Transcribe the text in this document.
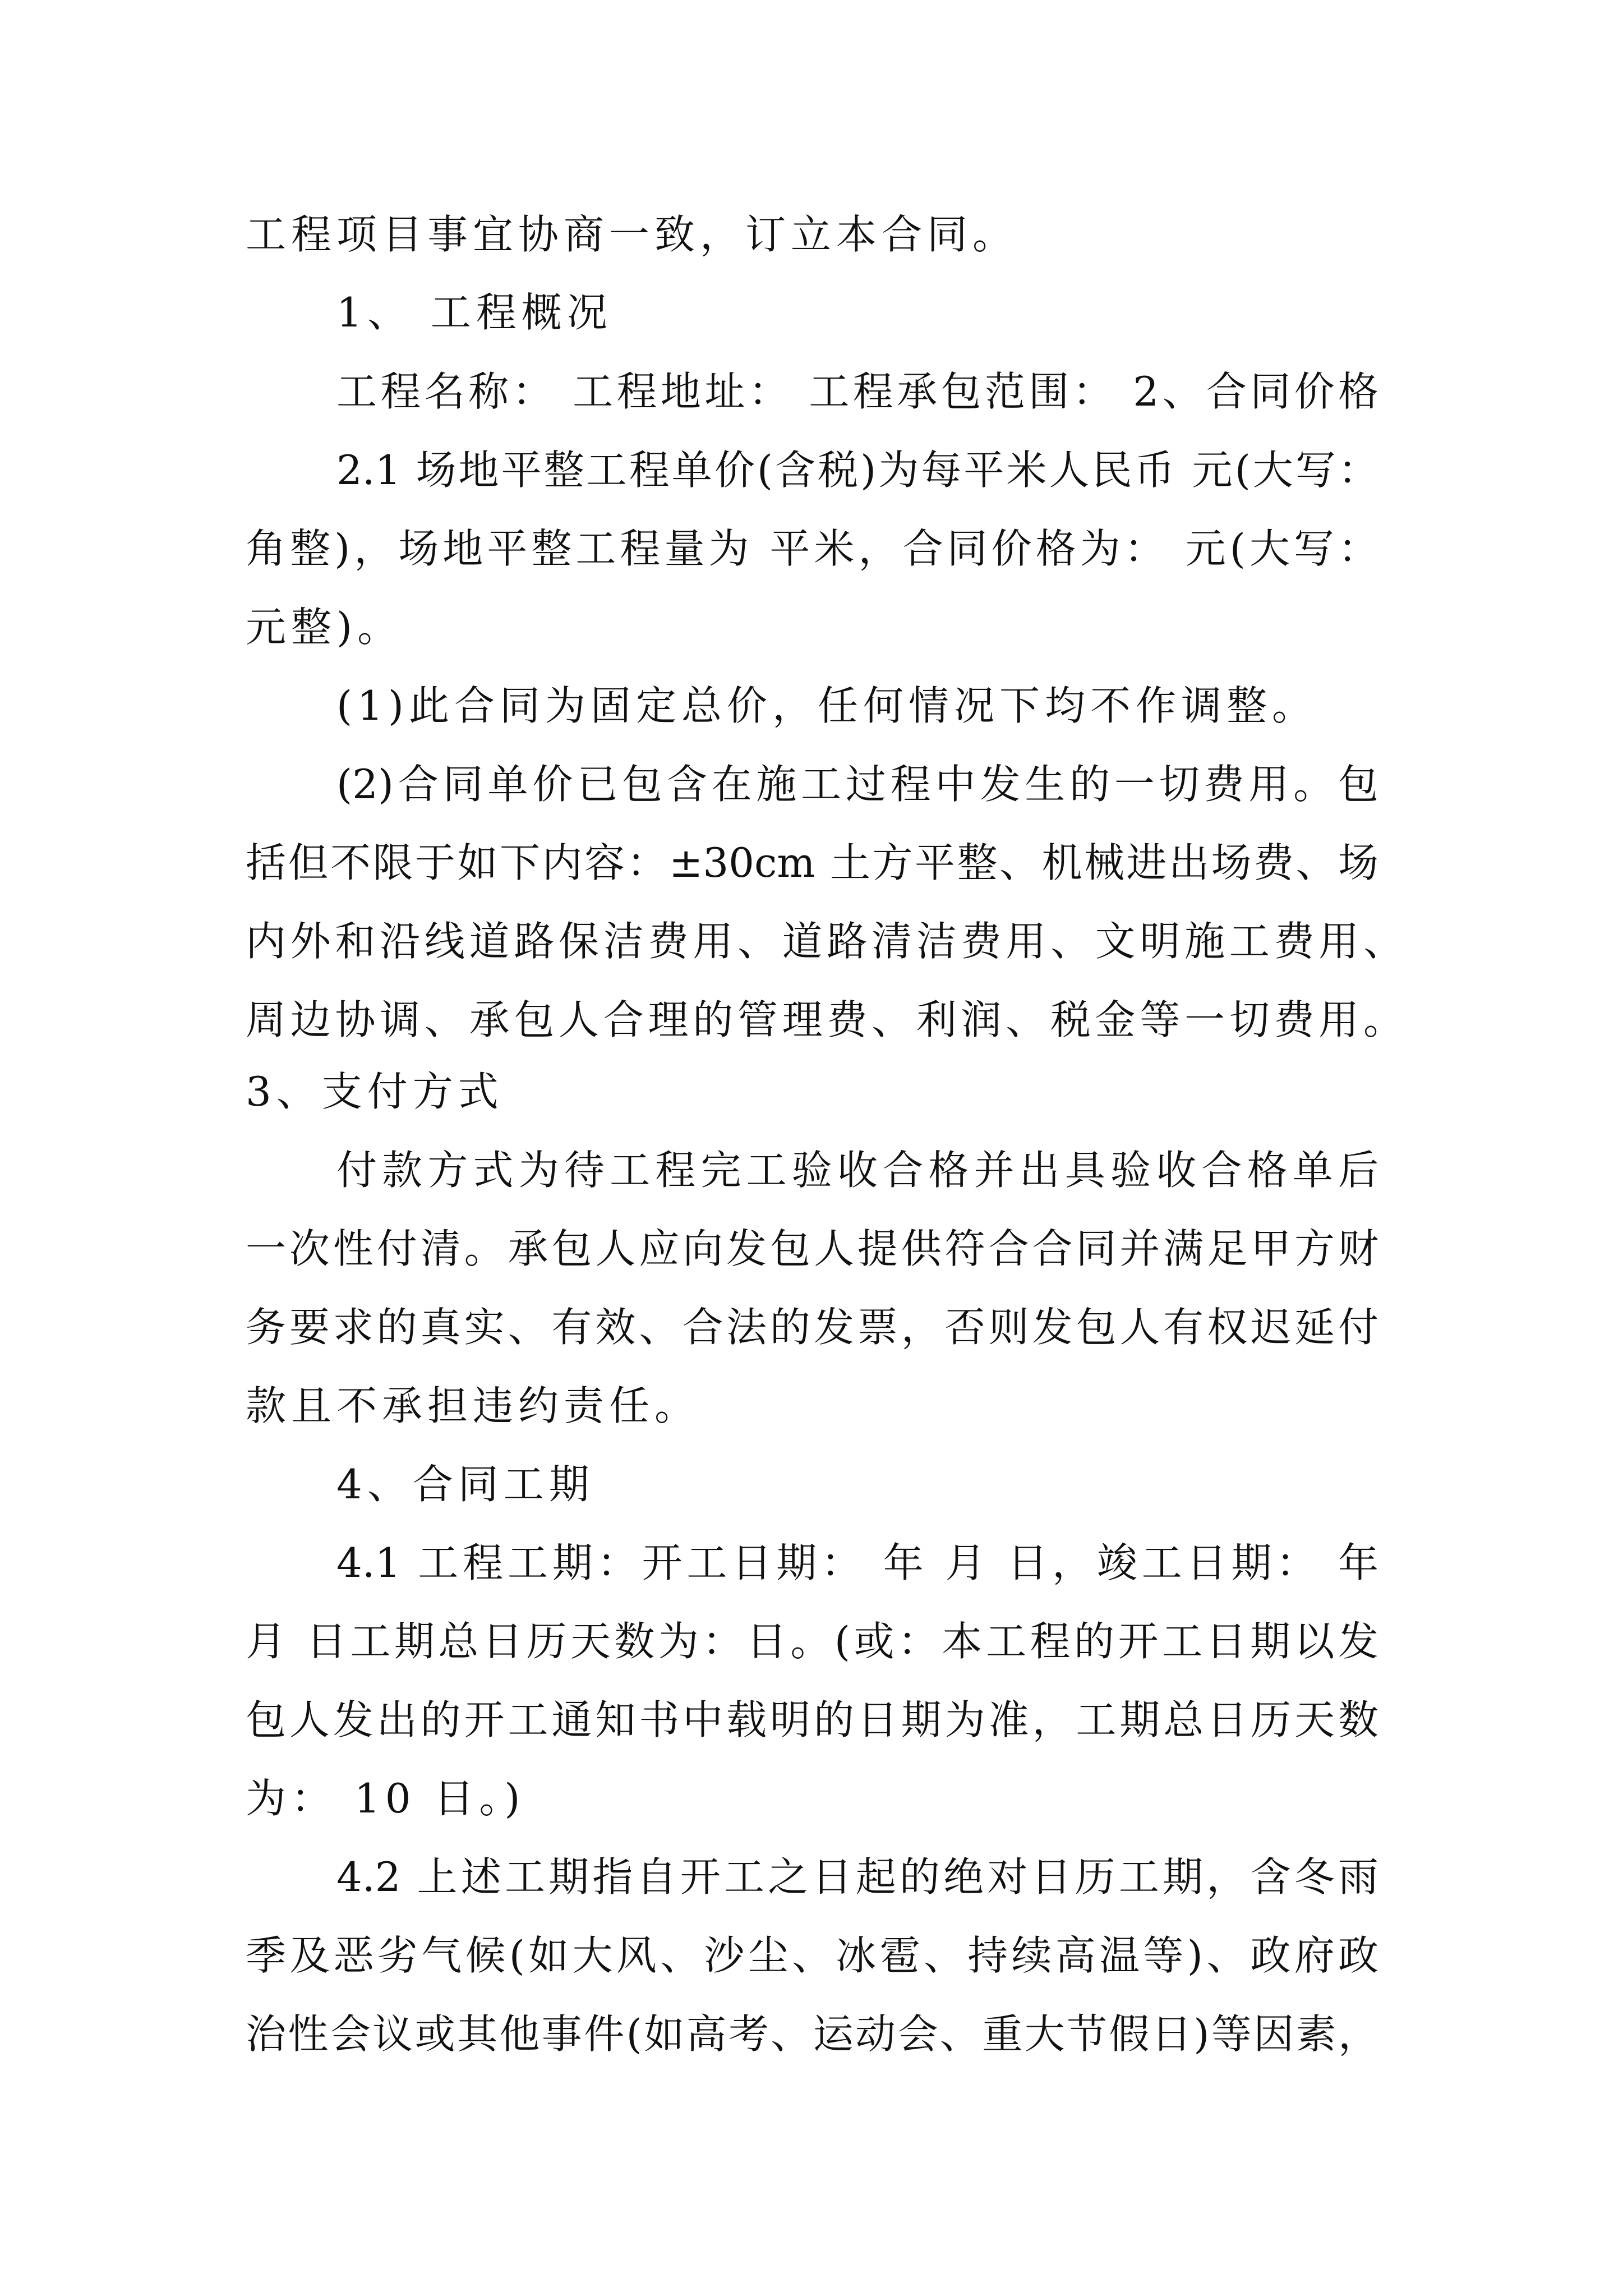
工程项目事宜协商一致，订立本合同。
1、 工程概况
工程名称： 工程地址： 工程承包范围： 2、合同价格
2.1 场地平整工程单价(含税)为每平米人民币 元(大写：
角整)，场地平整工程量为 平米，合同价格为： 元(大写：
元整)。
(1)此合同为固定总价，任何情况下均不作调整。
(2)合同单价已包含在施工过程中发生的一切费用。包
括但不限于如下内容：±30cm 土方平整、机械进出场费、场
内外和沿线道路保洁费用、道路清洁费用、文明施工费用、
周边协调、承包人合理的管理费、利润、税金等一切费用。
3、支付方式
付款方式为待工程完工验收合格并出具验收合格单后
一次性付清。承包人应向发包人提供符合合同并满足甲方财
务要求的真实、有效、合法的发票，否则发包人有权迟延付
款且不承担违约责任。
4、合同工期
4.1 工程工期：开工日期： 年 月 日，竣工日期： 年
月 日工期总日历天数为：日。(或：本工程的开工日期以发
包人发出的开工通知书中载明的日期为准，工期总日历天数
为： 10 日。)
4.2 上述工期指自开工之日起的绝对日历工期，含冬雨
季及恶劣气候(如大风、沙尘、冰雹、持续高温等)、政府政
治性会议或其他事件(如高考、运动会、重大节假日)等因素，
